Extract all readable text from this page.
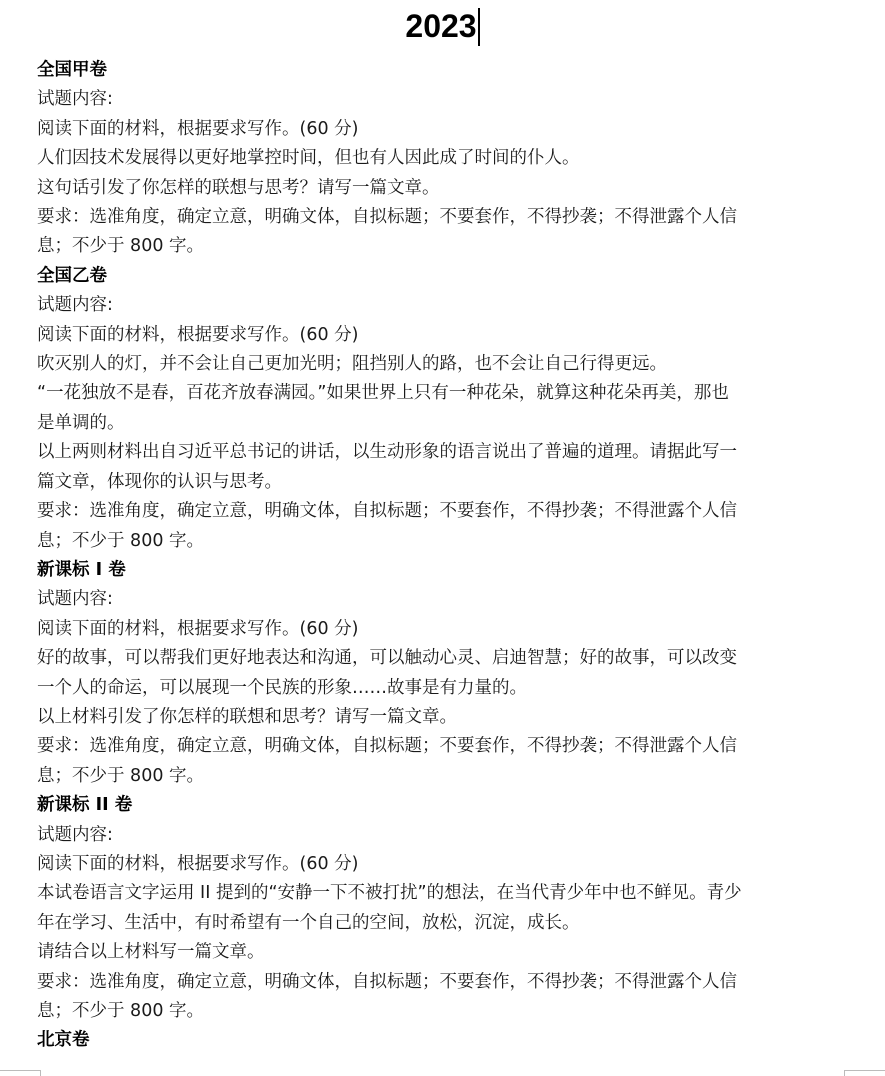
2023
全国甲卷
试题内容:
阅读下面的材料，根据要求写作。(60 分)
人们因技术发展得以更好地掌控时间，但也有人因此成了时间的仆人。
这句话引发了你怎样的联想与思考？请写一篇文章。
要求：选准角度，确定立意，明确文体，自拟标题；不要套作，不得抄袭；不得泄露个人信
息；不少于 800 字。
全国乙卷
试题内容:
阅读下面的材料，根据要求写作。(60 分)
吹灭别人的灯，并不会让自己更加光明；阻挡别人的路，也不会让自己行得更远。
“一花独放不是春，百花齐放春满园。”如果世界上只有一种花朵，就算这种花朵再美，那也
是单调的。
以上两则材料出自习近平总书记的讲话，以生动形象的语言说出了普遍的道理。请据此写一
篇文章，体现你的认识与思考。
要求：选准角度，确定立意，明确文体，自拟标题；不要套作，不得抄袭；不得泄露个人信
息；不少于 800 字。
新课标 I 卷
试题内容:
阅读下面的材料，根据要求写作。(60 分)
好的故事，可以帮我们更好地表达和沟通，可以触动心灵、启迪智慧；好的故事，可以改变
一个人的命运，可以展现一个民族的形象……故事是有力量的。
以上材料引发了你怎样的联想和思考？请写一篇文章。
要求：选准角度，确定立意，明确文体，自拟标题；不要套作，不得抄袭；不得泄露个人信
息；不少于 800 字。
新课标 II 卷
试题内容:
阅读下面的材料，根据要求写作。(60 分)
本试卷语言文字运用 II 提到的“安静一下不被打扰”的想法，在当代青少年中也不鲜见。青少
年在学习、生活中，有时希望有一个自己的空间，放松，沉淀，成长。
请结合以上材料写一篇文章。
要求：选准角度，确定立意，明确文体，自拟标题；不要套作，不得抄袭；不得泄露个人信
息；不少于 800 字。
北京卷
